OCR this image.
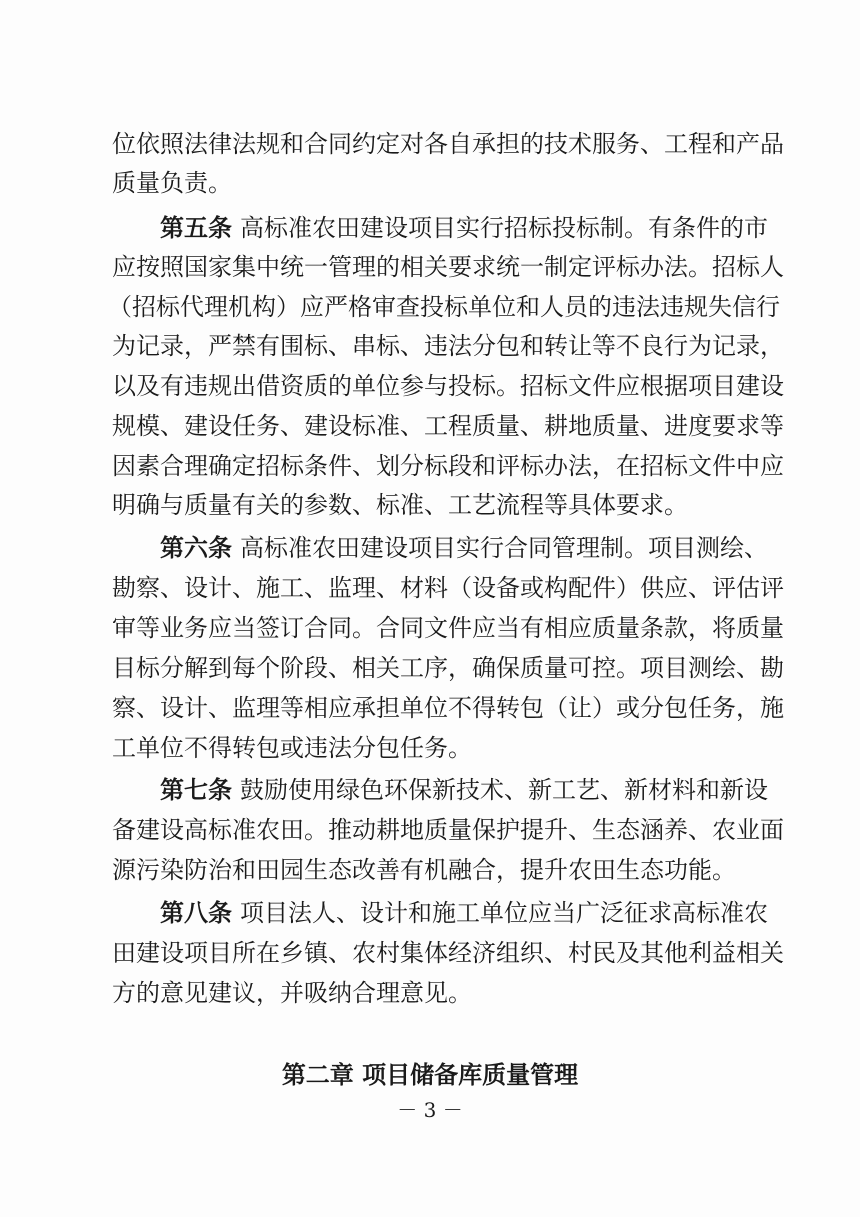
位依照法律法规和合同约定对各自承担的技术服务、工程和产品
质量负责。
第五条 高标准农田建设项目实行招标投标制。有条件的市
应按照国家集中统一管理的相关要求统一制定评标办法。招标人
（招标代理机构）应严格审查投标单位和人员的违法违规失信行
为记录，严禁有围标、串标、违法分包和转让等不良行为记录，
以及有违规出借资质的单位参与投标。招标文件应根据项目建设
规模、建设任务、建设标准、工程质量、耕地质量、进度要求等
因素合理确定招标条件、划分标段和评标办法，在招标文件中应
明确与质量有关的参数、标准、工艺流程等具体要求。
第六条 高标准农田建设项目实行合同管理制。项目测绘、
勘察、设计、施工、监理、材料（设备或构配件）供应、评估评
审等业务应当签订合同。合同文件应当有相应质量条款，将质量
目标分解到每个阶段、相关工序，确保质量可控。项目测绘、勘
察、设计、监理等相应承担单位不得转包（让）或分包任务，施
工单位不得转包或违法分包任务。
第七条 鼓励使用绿色环保新技术、新工艺、新材料和新设
备建设高标准农田。推动耕地质量保护提升、生态涵养、农业面
源污染防治和田园生态改善有机融合，提升农田生态功能。
第八条 项目法人、设计和施工单位应当广泛征求高标准农
田建设项目所在乡镇、农村集体经济组织、村民及其他利益相关
方的意见建议，并吸纳合理意见。
第二章 项目储备库质量管理
－ 3 －
